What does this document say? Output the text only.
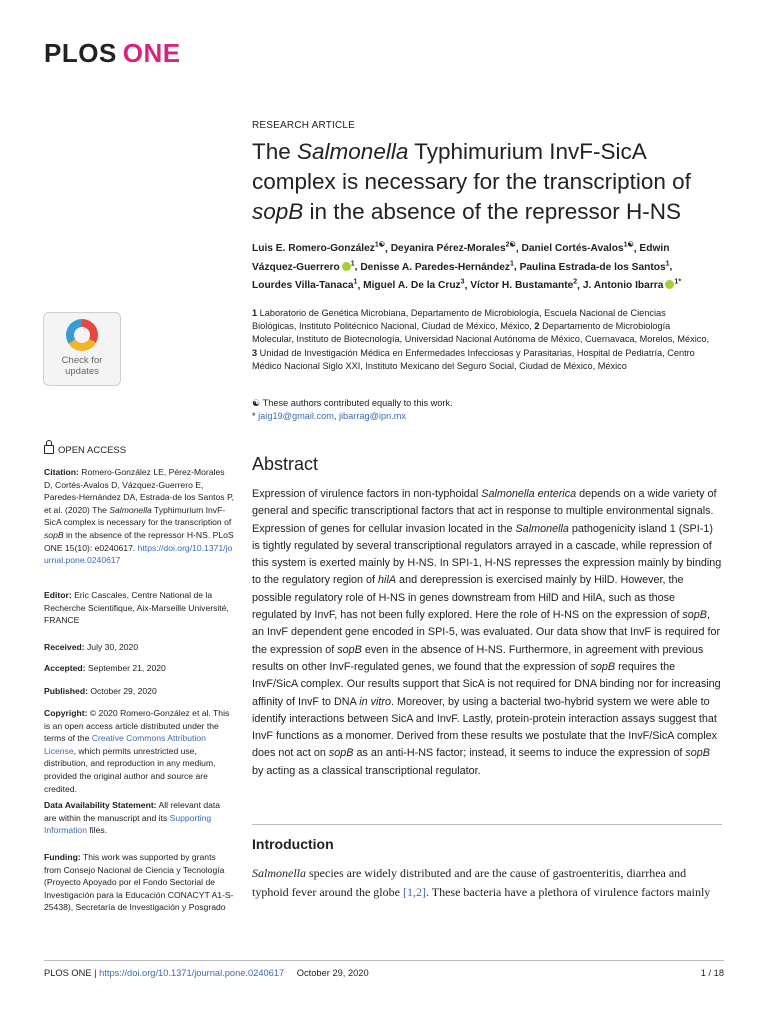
PLOS ONE
Check for
updates
RESEARCH ARTICLE
The Salmonella Typhimurium InvF-SicA complex is necessary for the transcription of sopB in the absence of the repressor H-NS
Luis E. Romero-González$^{1☯}$, Deyanira Pérez-Morales$^{2☯}$, Daniel Cortés-Avalos$^{1☯}$, Edwin Vázquez-Guerrero $^1$, Denisse A. Paredes-Hernández$^1$, Paulina Estrada-de los Santos$^1$, Lourdes Villa-Tanaca$^1$, Miguel A. De la Cruz$^3$, Víctor H. Bustamante$^2$, J. Antonio Ibarra $^{1*}$
1 Laboratorio de Genética Microbiana, Departamento de Microbiología, Escuela Nacional de Ciencias Biológicas, Instituto Politécnico Nacional, Ciudad de México, México, 2 Departamento de Microbiología Molecular, Instituto de Biotecnología, Universidad Nacional Autónoma de México, Cuernavaca, Morelos, México, 3 Unidad de Investigación Médica en Enfermedades Infecciosas y Parasitarias, Hospital de Pediatría, Centro Médico Nacional Siglo XXI, Instituto Mexicano del Seguro Social, Ciudad de México, México
☯ These authors contributed equally to this work.
* jaig19@gmail.com, jibarrag@ipn.mx
OPEN ACCESS
Citation: Romero-González LE, Pérez-Morales D, Cortés-Avalos D, Vázquez-Guerrero E, Paredes-Hernández DA, Estrada-de los Santos P, et al. (2020) The Salmonella Typhimurium InvF-SicA complex is necessary for the transcription of sopB in the absence of the repressor H-NS. PLoS ONE 15(10): e0240617. https://doi.org/10.1371/journal.pone.0240617
Editor: Eric Cascales, Centre National de la Recherche Scientifique, Aix-Marseille Université, FRANCE
Received: July 30, 2020
Accepted: September 21, 2020
Published: October 29, 2020
Copyright: © 2020 Romero-González et al. This is an open access article distributed under the terms of the Creative Commons Attribution License, which permits unrestricted use, distribution, and reproduction in any medium, provided the original author and source are credited.
Data Availability Statement: All relevant data are within the manuscript and its Supporting Information files.
Funding: This work was supported by grants from Consejo Nacional de Ciencia y Tecnología (Proyecto Apoyado por el Fondo Sectorial de Investigación para la Educación CONACYT A1-S-25438), Secretaría de Investigación y Posgrado
Abstract
Expression of virulence factors in non-typhoidal Salmonella enterica depends on a wide variety of general and specific transcriptional factors that act in response to multiple environmental signals. Expression of genes for cellular invasion located in the Salmonella pathogenicity island 1 (SPI-1) is tightly regulated by several transcriptional regulators arrayed in a cascade, while repression of this system is exerted mainly by H-NS. In SPI-1, H-NS represses the expression mainly by binding to the regulatory region of hilA and derepression is exercised mainly by HilD. However, the possible regulatory role of H-NS in genes downstream from HilD and HilA, such as those regulated by InvF, has not been fully explored. Here the role of H-NS on the expression of sopB, an InvF dependent gene encoded in SPI-5, was evaluated. Our data show that InvF is required for the expression of sopB even in the absence of H-NS. Furthermore, in agreement with previous results on other InvF-regulated genes, we found that the expression of sopB requires the InvF/SicA complex. Our results support that SicA is not required for DNA binding nor for increasing affinity of InvF to DNA in vitro. Moreover, by using a bacterial two-hybrid system we were able to identify interactions between SicA and InvF. Lastly, protein-protein interaction assays suggest that InvF functions as a monomer. Derived from these results we postulate that the InvF/SicA complex does not act on sopB as an anti-H-NS factor; instead, it seems to induce the expression of sopB by acting as a classical transcriptional regulator.
Introduction
Salmonella species are widely distributed and are the cause of gastroenteritis, diarrhea and typhoid fever around the globe [1,2]. These bacteria have a plethora of virulence factors mainly
PLOS ONE | https://doi.org/10.1371/journal.pone.0240617 October 29, 2020	1 / 18
